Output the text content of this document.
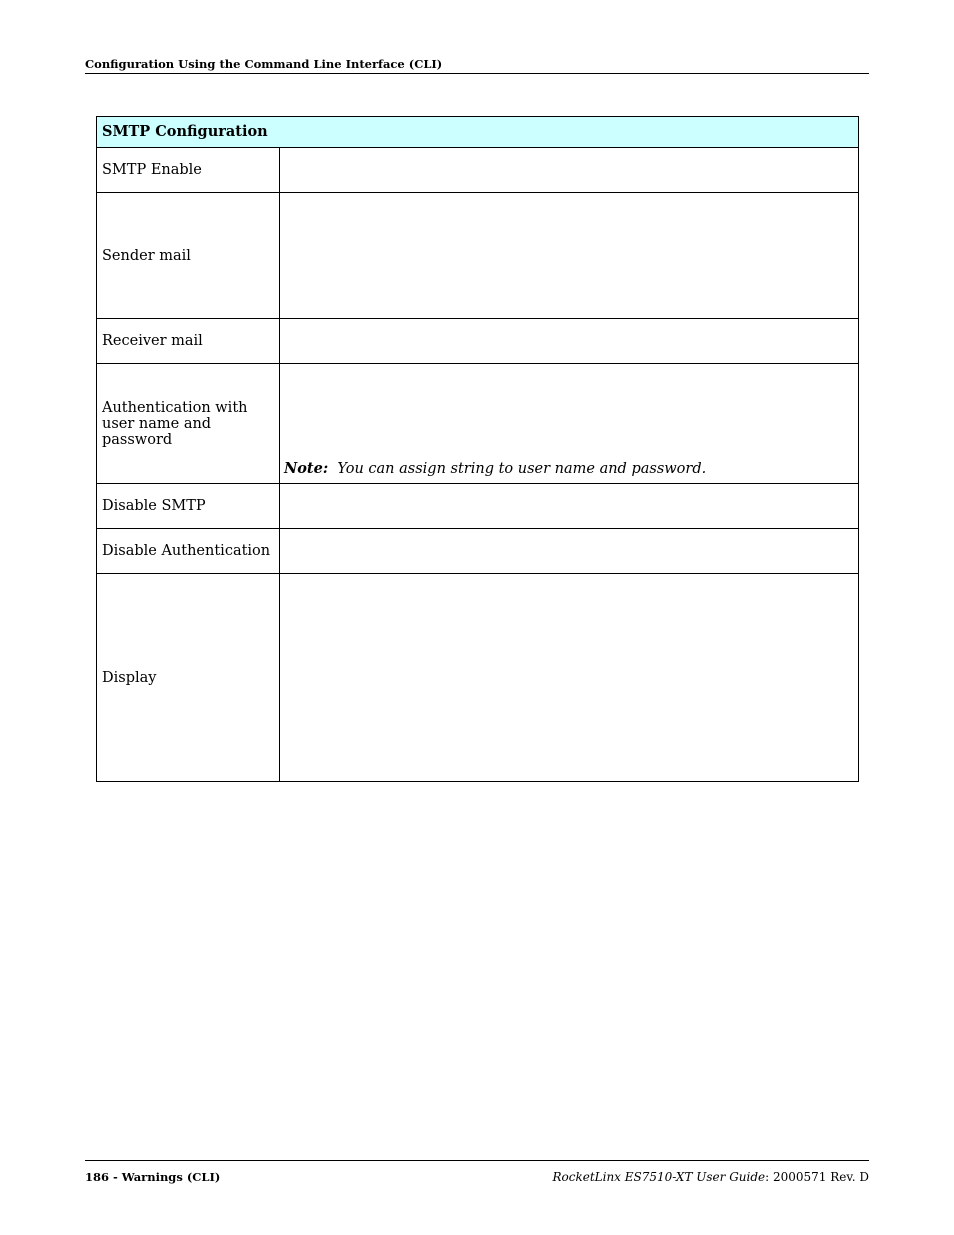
Configuration Using the Command Line Interface (CLI)
SMTP Configuration	
SMTP Enable	
Sender mail	
Receiver mail	
Authentication with user name and password	Note: You can assign string to user name and password.
Disable SMTP	
Disable Authentication	
Display	
186 - Warnings (CLI)	RocketLinx ES7510-XT User Guide: 2000571 Rev. D
